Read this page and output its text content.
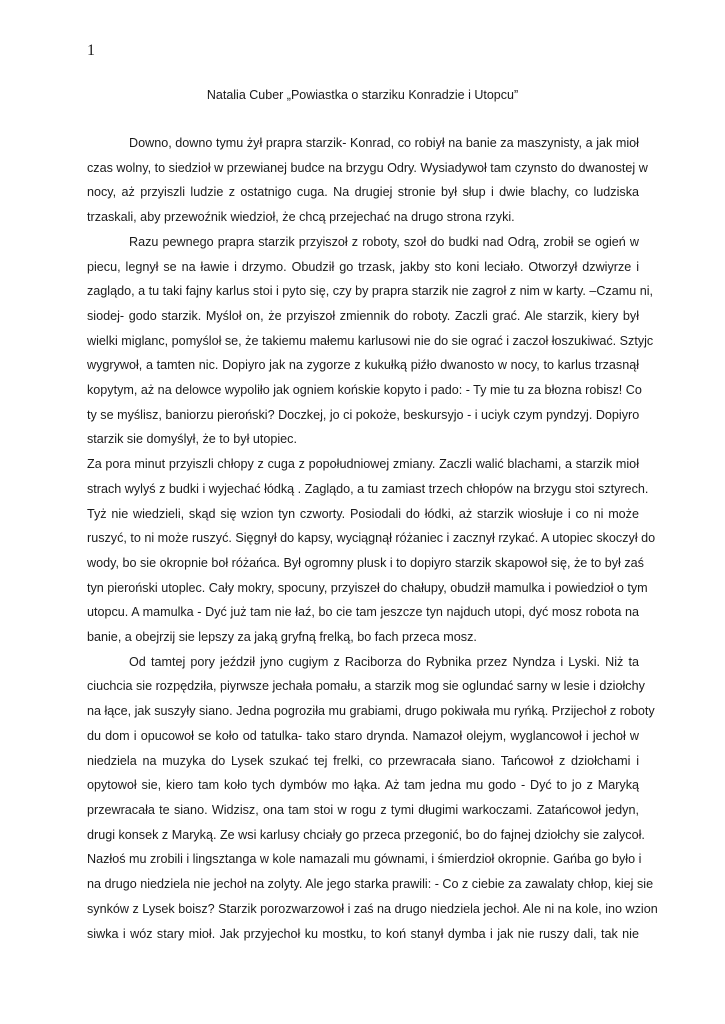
1
Natalia Cuber „Powiastka o starziku Konradzie i Utopcu”
Downo, downo tymu żył prapra starzik- Konrad, co robiył na banie za maszynisty, a jak mioł
czas wolny, to siedzioł w przewianej budce na brzygu Odry. Wysiadywoł tam czynsto do dwanostej w
nocy, aż przyiszli ludzie z ostatnigo cuga. Na drugiej stronie był słup i dwie blachy, co ludziska
trzaskali, aby przewoźnik wiedzioł, że chcą przejechać na drugo strona rzyki.
Razu pewnego prapra starzik przyiszoł z roboty, szoł do budki nad Odrą, zrobił se ogień w
piecu, legnył se na ławie i drzymo. Obudził go trzask, jakby sto koni leciało. Otworzył dzwiyrze i
zaglądo, a tu taki fajny karlus stoi i pyto się, czy by prapra starzik nie zagroł z nim w karty. –Czamu ni,
siodej- godo starzik. Myśloł on, że przyiszoł zmiennik do roboty. Zaczli grać. Ale starzik, kiery był
wielki miglanc, pomyśloł se, że takiemu małemu karlusowi nie do sie ograć i zaczoł łoszukiwać. Sztyjc
wygrywoł, a tamten nic. Dopiyro jak na zygorze z kukułką piźło dwanosto w nocy, to karlus trzasnął
kopytym, aż na delowce wypoliło jak ogniem końskie kopyto i pado: - Ty mie tu za błozna robisz! Co
ty se myślisz, baniorzu pieroński? Doczkej, jo ci pokoże, beskursyjo - i uciyk czym pyndzyj. Dopiyro
starzik sie domyślył, że to był utopiec.
Za pora minut przyiszli chłopy z cuga z popołudniowej zmiany. Zaczli walić blachami, a starzik mioł
strach wylyś z budki i wyjechać łódką . Zaglądo, a tu zamiast trzech chłopów na brzygu stoi sztyrech.
Tyż nie wiedzieli, skąd się wzion tyn czworty. Posiodali do łódki, aż starzik wiosłuje i co ni może
ruszyć, to ni może ruszyć. Sięgnył do kapsy, wyciągnął różaniec i zacznył rzykać. A utopiec skoczył do
wody, bo sie okropnie boł różańca. Był ogromny plusk i to dopiyro starzik skapowoł się, że to był zaś
tyn pieroński utoplec. Cały mokry, spocuny, przyiszeł do chałupy, obudził mamulka i powiedzioł o tym
utopcu. A mamulka - Dyć już tam nie łaź, bo cie tam jeszcze tyn najduch utopi, dyć mosz robota na
banie, a obejrzij sie lepszy za jaką gryfną frelką, bo fach przeca mosz.
Od tamtej pory jeździł jyno cugiym z Raciborza do Rybnika przez Nyndza i Lyski. Niż ta
ciuchcia sie rozpędziła, piyrwsze jechała pomału, a starzik mog sie oglundać sarny w lesie i dziołchy
na łące, jak suszyły siano. Jedna pogroziła mu grabiami, drugo pokiwała mu ryńką. Przijechoł z roboty
du dom i opucowoł se koło od tatulka- tako staro drynda. Namazoł olejym, wyglancowoł i jechoł w
niedziela na muzyka do Lysek szukać tej frelki, co przewracała siano. Tańcowoł z dziołchami i
opytowoł sie, kiero tam koło tych dymbów mo łąka. Aż tam jedna mu godo - Dyć to jo z Maryką
przewracała te siano. Widzisz, ona tam stoi w rogu z tymi długimi warkoczami. Zatańcowoł jedyn,
drugi konsek z Maryką. Ze wsi karlusy chciały go przeca przegonić, bo do fajnej dziołchy sie zalycoł.
Nazłoś mu zrobili i lingsztanga w kole namazali mu gównami, i śmierdzioł okropnie. Gańba go było i
na drugo niedziela nie jechoł na zolyty. Ale jego starka prawili: - Co z ciebie za zawalaty chłop, kiej sie
synków z Lysek boisz? Starzik porozwarzowoł i zaś na drugo niedziela jechoł. Ale ni na kole, ino wzion
siwka i wóz stary mioł. Jak przyjechoł ku mostku, to koń stanył dymba i jak nie ruszy dali, tak nie
